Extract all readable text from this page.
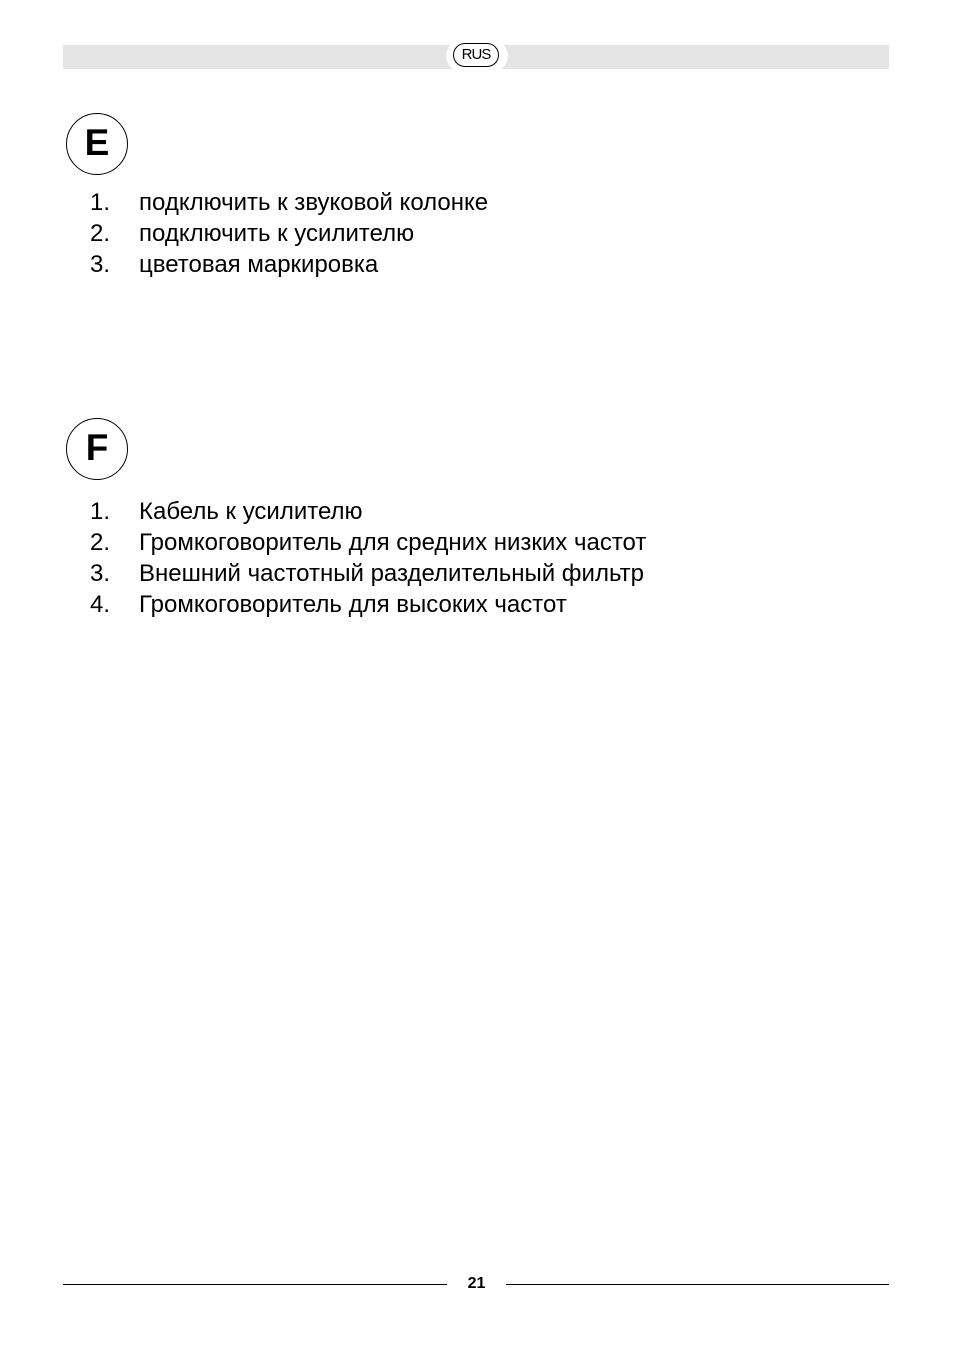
RUS
E
1. подключить к звуковой колонке
2. подключить к усилителю
3. цветовая маркировка
F
1. Кабель к усилителю
2. Громкоговоритель для средних низких частот
3. Внешний частотный разделительный фильтр
4. Громкоговоритель для высоких частот
21
